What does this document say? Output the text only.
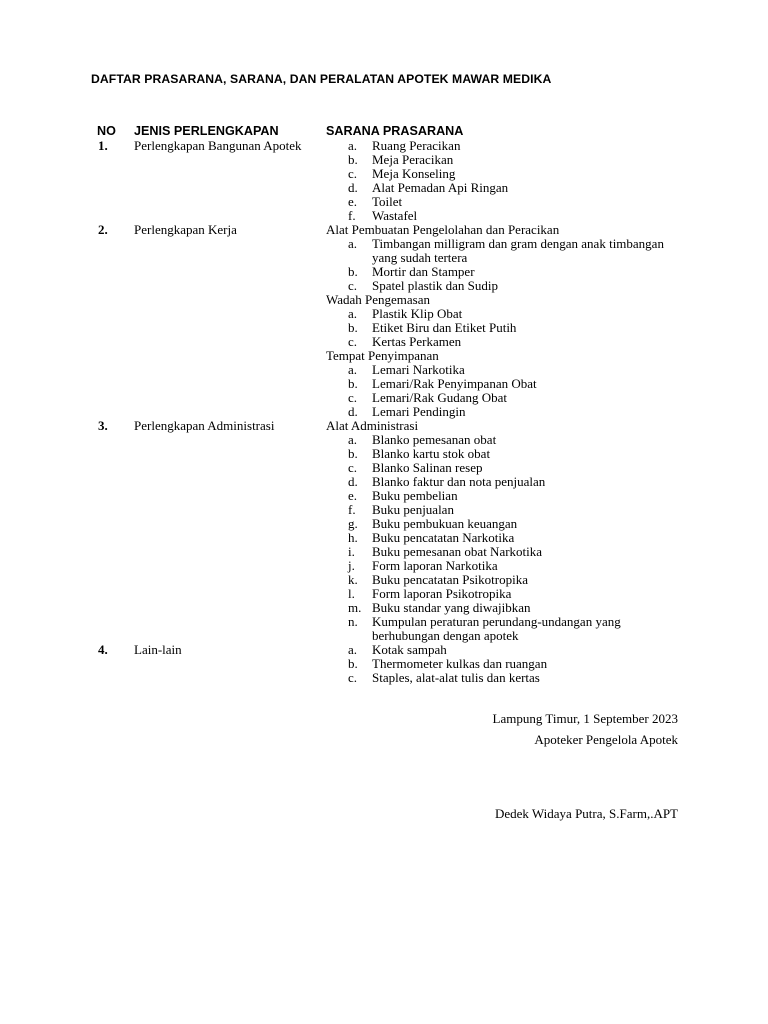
DAFTAR PRASARANA, SARANA, DAN PERALATAN APOTEK MAWAR MEDIKA
NO JENIS PERLENGKAPAN	SARANA PRASARANA
1. Perlengkapan Bangunan Apotek	a. Ruang Peracikan
b. Meja Peracikan
c. Meja Konseling
d. Alat Pemadan Api Ringan
e. Toilet
f. Wastafel
2. Perlengkapan Kerja	Alat Pembuatan Pengelolahan dan Peracikan
a. Timbangan milligram dan gram dengan anak timbangan yang sudah tertera
b. Mortir dan Stamper
c. Spatel plastik dan Sudip
Wadah Pengemasan
a. Plastik Klip Obat
b. Etiket Biru dan Etiket Putih
c. Kertas Perkamen
Tempat Penyimpanan
a. Lemari Narkotika
b. Lemari/Rak Penyimpanan Obat
c. Lemari/Rak Gudang Obat
d. Lemari Pendingin
3. Perlengkapan Administrasi	Alat Administrasi
a. Blanko pemesanan obat
b. Blanko kartu stok obat
c. Blanko Salinan resep
d. Blanko faktur dan nota penjualan
e. Buku pembelian
f. Buku penjualan
g. Buku pembukuan keuangan
h. Buku pencatatan Narkotika
i. Buku pemesanan obat Narkotika
j. Form laporan Narkotika
k. Buku pencatatan Psikotropika
l. Form laporan Psikotropika
m. Buku standar yang diwajibkan
n. Kumpulan peraturan perundang-undangan yang berhubungan dengan apotek
4. Lain-lain	a. Kotak sampah
b. Thermometer kulkas dan ruangan
c. Staples, alat-alat tulis dan kertas
Lampung Timur, 1 September 2023
Apoteker Pengelola Apotek
Dedek Widaya Putra, S.Farm,.APT
